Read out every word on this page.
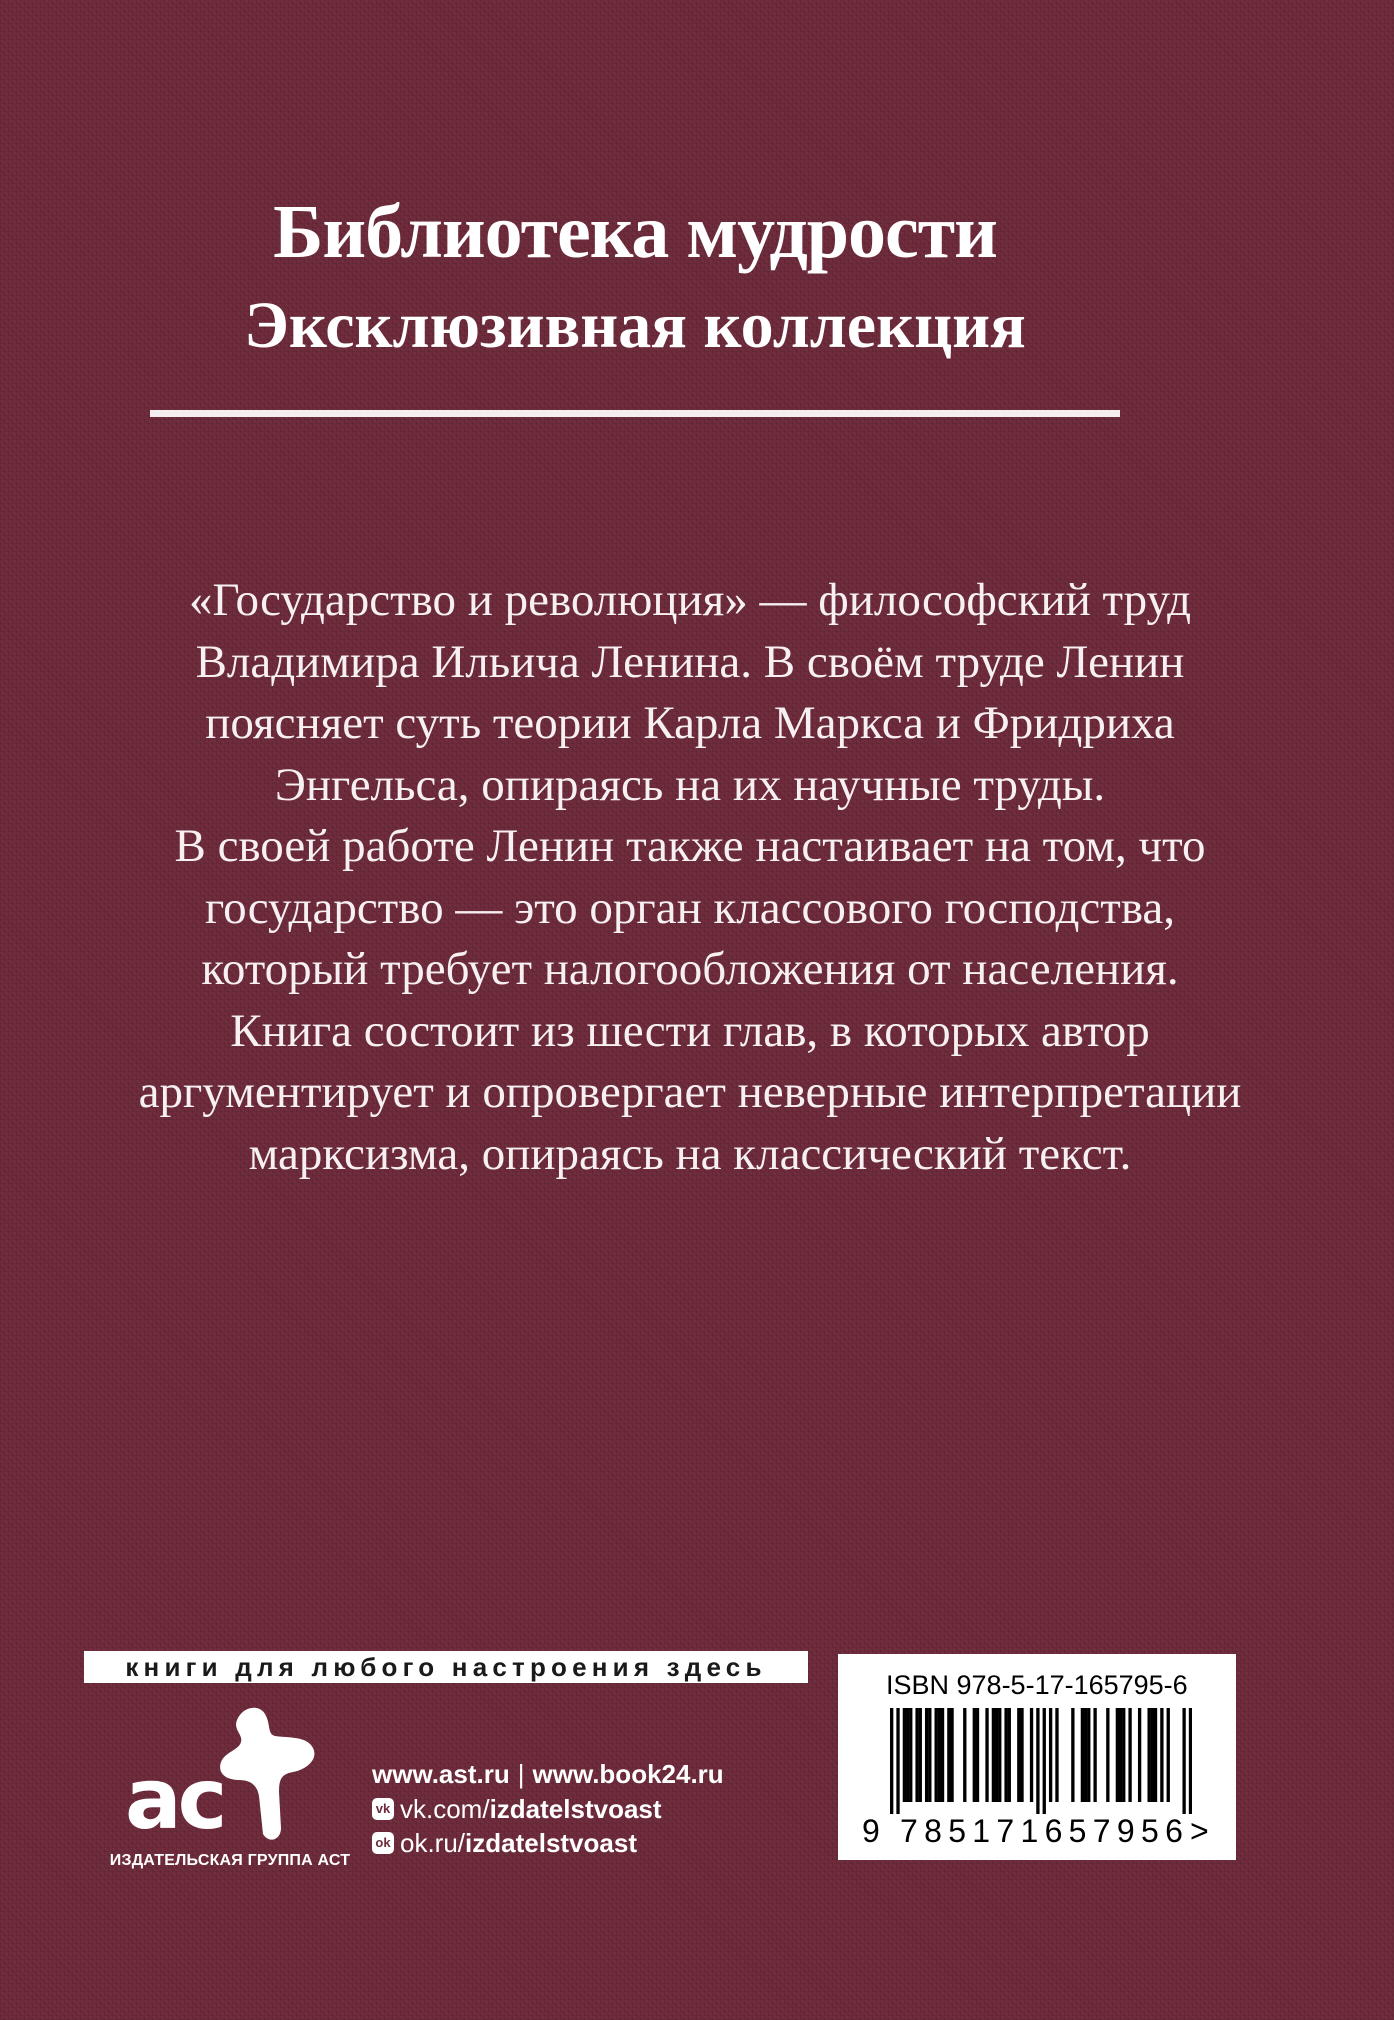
Библиотека мудрости
Эксклюзивная коллекция

«Государство и революция» — философский труд

Владимира Ильича Ленина. В своём труде Ленин

поясняет суть теории Карла Маркса и Фридриха

Энгельса, опираясь на их научные труды.

В своей работе Ленин также настаивает на том, что

государство — это орган классового господства,

который требует налогообложения от населения.

Книга состоит из шести глав, в которых автор

аргументирует и опровергает неверные интерпретации

марксизма, опираясь на классический текст.

книги для любого настроения здесь
ас
ИЗДАТЕЛЬСКАЯ ГРУППА АСТ
www.ast.ru | www.book24.ru
vk vk.com/ izdatelstvoast
ok ok.ru/ izdatelstvoast
ISBN 978-5-17-165795-6
9 785171657956 >
